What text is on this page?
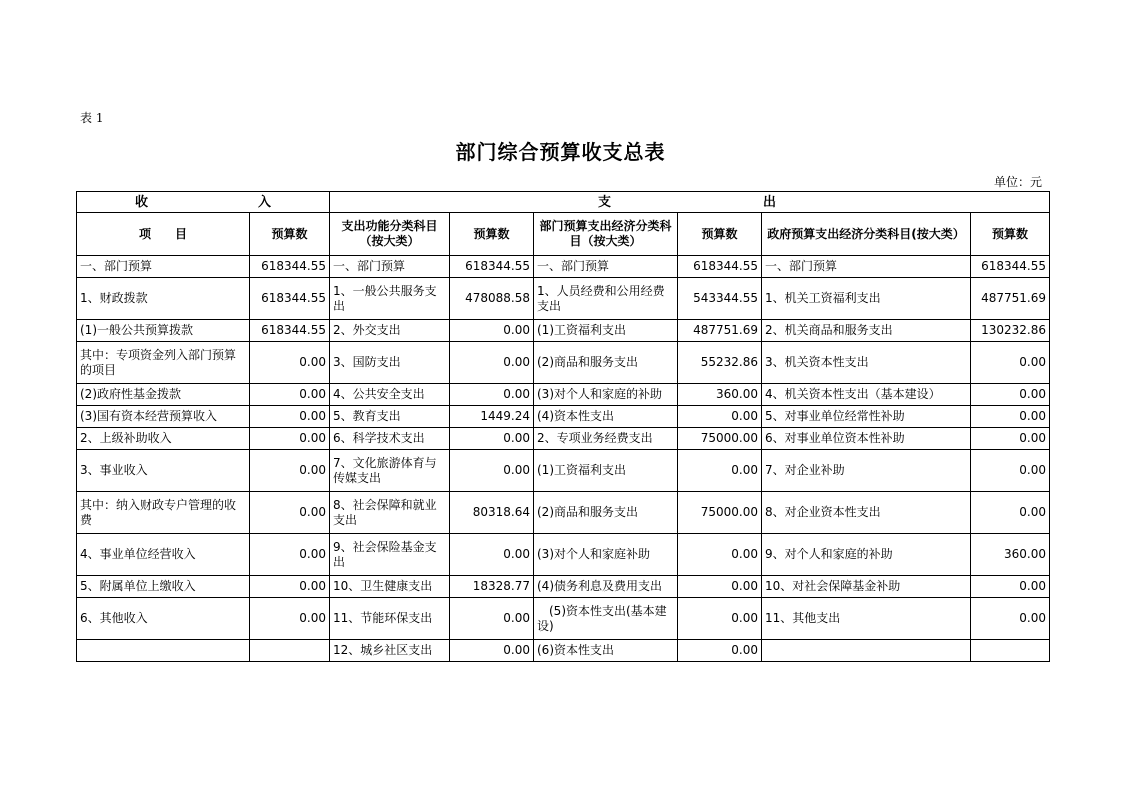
表 1
部门综合预算收支总表
单位：元
收 入		支 出					

项　　目	预算数	支出功能分类科目（按大类）	预算数	部门预算支出经济分类科目（按大类）	预算数	政府预算支出经济分类科目(按大类）	预算数
一、部门预算	618344.55	一、部门预算	618344.55	一、部门预算	618344.55	一、部门预算	618344.55
1、财政拨款	618344.55	1、一般公共服务支出	478088.58	1、人员经费和公用经费支出	543344.55	1、机关工资福利支出	487751.69
(1)一般公共预算拨款	618344.55	2、外交支出	0.00	(1)工资福利支出	487751.69	2、机关商品和服务支出	130232.86
其中：专项资金列入部门预算的项目	0.00	3、国防支出	0.00	(2)商品和服务支出	55232.86	3、机关资本性支出	0.00
(2)政府性基金拨款	0.00	4、公共安全支出	0.00	(3)对个人和家庭的补助	360.00	4、机关资本性支出（基本建设）	0.00
(3)国有资本经营预算收入	0.00	5、教育支出	1449.24	(4)资本性支出	0.00	5、对事业单位经常性补助	0.00
2、上级补助收入	0.00	6、科学技术支出	0.00	2、专项业务经费支出	75000.00	6、对事业单位资本性补助	0.00
3、事业收入	0.00	7、文化旅游体育与传媒支出	0.00	(1)工资福利支出	0.00	7、对企业补助	0.00
其中：纳入财政专户管理的收费	0.00	8、社会保障和就业支出	80318.64	(2)商品和服务支出	75000.00	8、对企业资本性支出	0.00
4、事业单位经营收入	0.00	9、社会保险基金支出	0.00	(3)对个人和家庭补助	0.00	9、对个人和家庭的补助	360.00
5、附属单位上缴收入	0.00	10、卫生健康支出	18328.77	(4)债务利息及费用支出	0.00	10、对社会保障基金补助	0.00
6、其他收入	0.00	11、节能环保支出	0.00	　(5)资本性支出(基本建设)	0.00	11、其他支出	0.00
		12、城乡社区支出	0.00	(6)资本性支出	0.00		
